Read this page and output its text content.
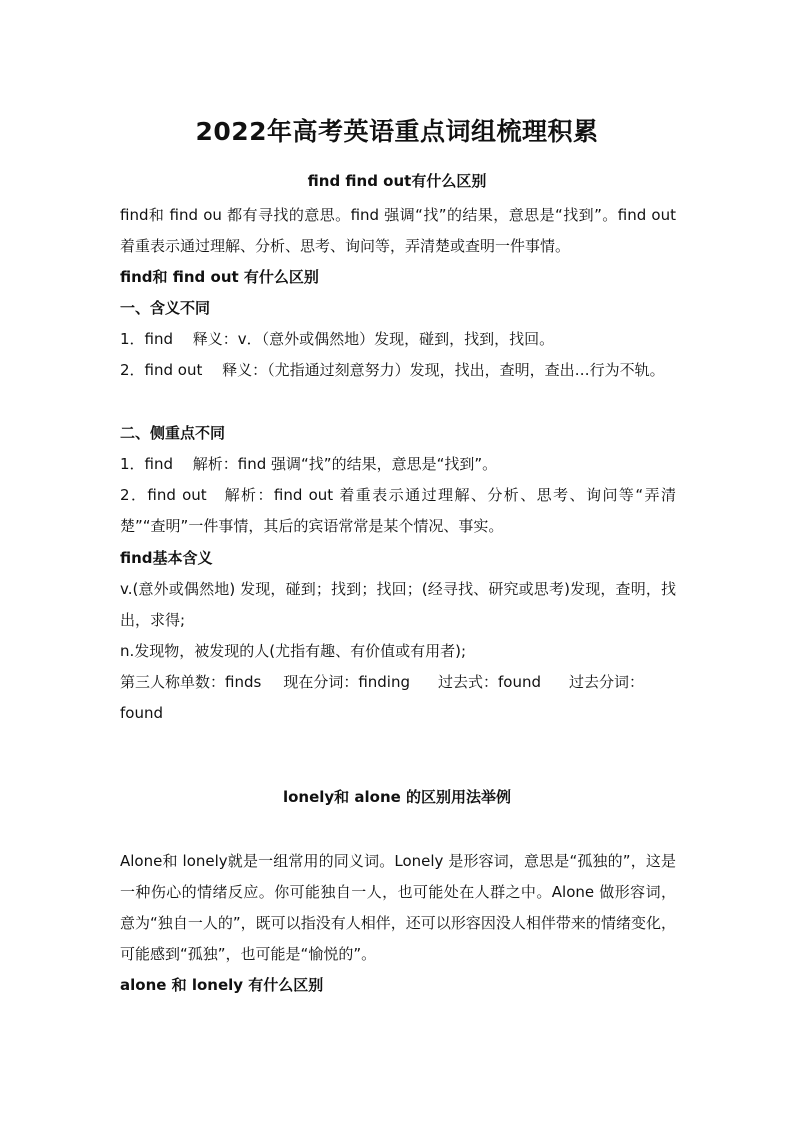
2022年高考英语重点词组梳理积累
find find out有什么区别
find和 find ou 都有寻找的意思。find 强调“找”的结果，意思是“找到”。find out 着重表示通过理解、分析、思考、询问等，弄清楚或查明一件事情。
find和 find out 有什么区别
一、含义不同
1．find　 释义：v．（意外或偶然地）发现，碰到，找到，找回。
2．find out　 释义：（尤指通过刻意努力）发现，找出，查明，查出…行为不轨。
二、侧重点不同
1．find　 解析：find 强调“找”的结果，意思是“找到”。
2．find out　解析：find out 着重表示通过理解、分析、思考、询问等“弄清楚”“查明”一件事情，其后的宾语常常是某个情况、事实。
find基本含义
v.(意外或偶然地) 发现，碰到；找到；找回；(经寻找、研究或思考)发现，查明，找出，求得;
n.发现物，被发现的人(尤指有趣、有价值或有用者);
第三人称单数：finds 现在分词：finding 过去式：found 过去分词：
found
lonely和 alone 的区别用法举例
Alone和 lonely就是一组常用的同义词。Lonely 是形容词，意思是“孤独的”，这是一种伤心的情绪反应。你可能独自一人，也可能处在人群之中。Alone 做形容词，意为“独自一人的”，既可以指没有人相伴，还可以形容因没人相伴带来的情绪变化，可能感到“孤独”，也可能是“愉悦的”。
alone 和 lonely 有什么区别
